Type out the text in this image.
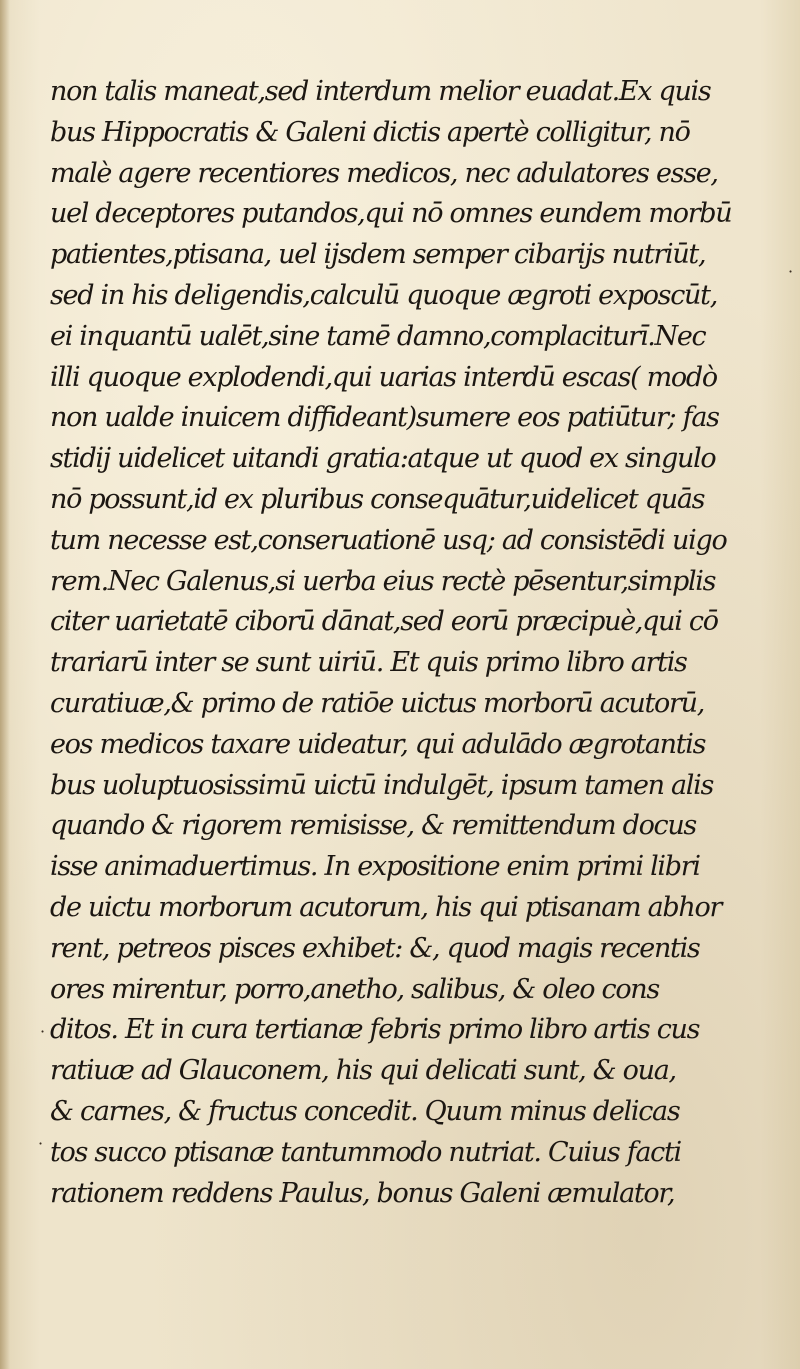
non talis maneat,sed interdum melior euadat.Ex quis
bus Hippocratis & Galeni dictis apertè colligitur, nō
malè agere recentiores medicos, nec adulatores esse,
uel deceptores putandos,qui nō omnes eundem morbū
patientes,ptisana, uel ijsdem semper cibarijs nutriūt,
sed in his deligendis,calculū quoque ægroti exposcūt,
ei inquantū ualēt,sine tamē damno,complaciturī.Nec
illi quoque explodendi,qui uarias interdū escas( modò
non ualde inuicem diffideant)sumere eos patiūtur; fas
stidij uidelicet uitandi gratia:atque ut quod ex singulo
nō possunt,id ex pluribus consequātur,uidelicet quās
tum necesse est,conseruationē usq; ad consistēdi uigo
rem.Nec Galenus,si uerba eius rectè pēsentur,simplis
citer uarietatē ciborū dānat,sed eorū præcipuè,qui cō
trariarū inter se sunt uiriū. Et quis primo libro artis
curatiuæ,& primo de ratiōe uictus morborū acutorū,
eos medicos taxare uideatur, qui adulādo ægrotantis
bus uoluptuosissimū uictū indulgēt, ipsum tamen alis
quando & rigorem remisisse, & remittendum docus
isse animaduertimus. In expositione enim primi libri
de uictu morborum acutorum, his qui ptisanam abhor
rent, petreos pisces exhibet: &, quod magis recentis
ores mirentur, porro,anetho, salibus, & oleo cons
ditos. Et in cura tertianæ febris primo libro artis cus
ratiuæ ad Glauconem, his qui delicati sunt, & oua,
& carnes, & fructus concedit. Quum minus delicas
tos succo ptisanæ tantummodo nutriat. Cuius facti
rationem reddens Paulus, bonus Galeni æmulator,
·
·
·
